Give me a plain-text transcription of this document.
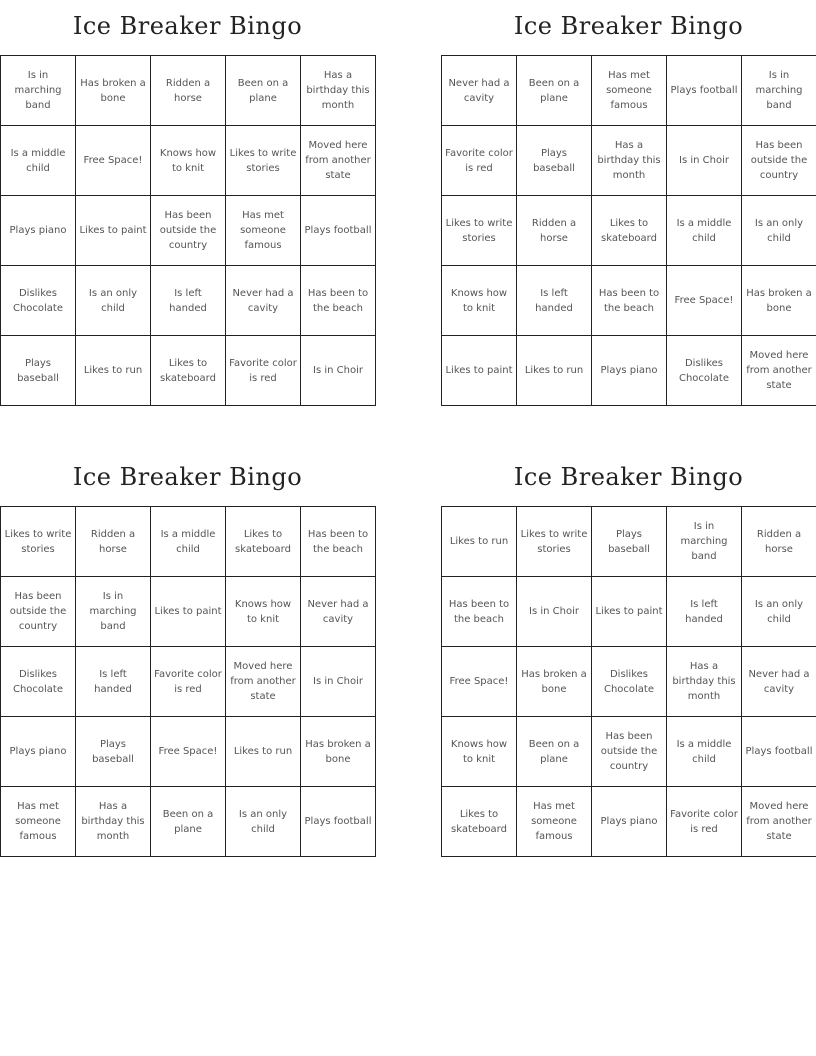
Ice Breaker Bingo
Is in marching band	Has broken a bone	Ridden a horse	Been on a plane	Has a birthday this month
Is a middle child	Free Space!	Knows how to knit	Likes to write stories	Moved here from another state
Plays piano	Likes to paint	Has been outside the country	Has met someone famous	Plays football
Dislikes Chocolate	Is an only child	Is left handed	Never had a cavity	Has been to the beach
Plays baseball	Likes to run	Likes to skateboard	Favorite color is red	Is in Choir
Ice Breaker Bingo
Never had a cavity	Been on a plane	Has met someone famous	Plays football	Is in marching band
Favorite color is red	Plays baseball	Has a birthday this month	Is in Choir	Has been outside the country
Likes to write stories	Ridden a horse	Likes to skateboard	Is a middle child	Is an only child
Knows how to knit	Is left handed	Has been to the beach	Free Space!	Has broken a bone
Likes to paint	Likes to run	Plays piano	Dislikes Chocolate	Moved here from another state
Ice Breaker Bingo
Likes to write stories	Ridden a horse	Is a middle child	Likes to skateboard	Has been to the beach
Has been outside the country	Is in marching band	Likes to paint	Knows how to knit	Never had a cavity
Dislikes Chocolate	Is left handed	Favorite color is red	Moved here from another state	Is in Choir
Plays piano	Plays baseball	Free Space!	Likes to run	Has broken a bone
Has met someone famous	Has a birthday this month	Been on a plane	Is an only child	Plays football
Ice Breaker Bingo
Likes to run	Likes to write stories	Plays baseball	Is in marching band	Ridden a horse
Has been to the beach	Is in Choir	Likes to paint	Is left handed	Is an only child
Free Space!	Has broken a bone	Dislikes Chocolate	Has a birthday this month	Never had a cavity
Knows how to knit	Been on a plane	Has been outside the country	Is a middle child	Plays football
Likes to skateboard	Has met someone famous	Plays piano	Favorite color is red	Moved here from another state
